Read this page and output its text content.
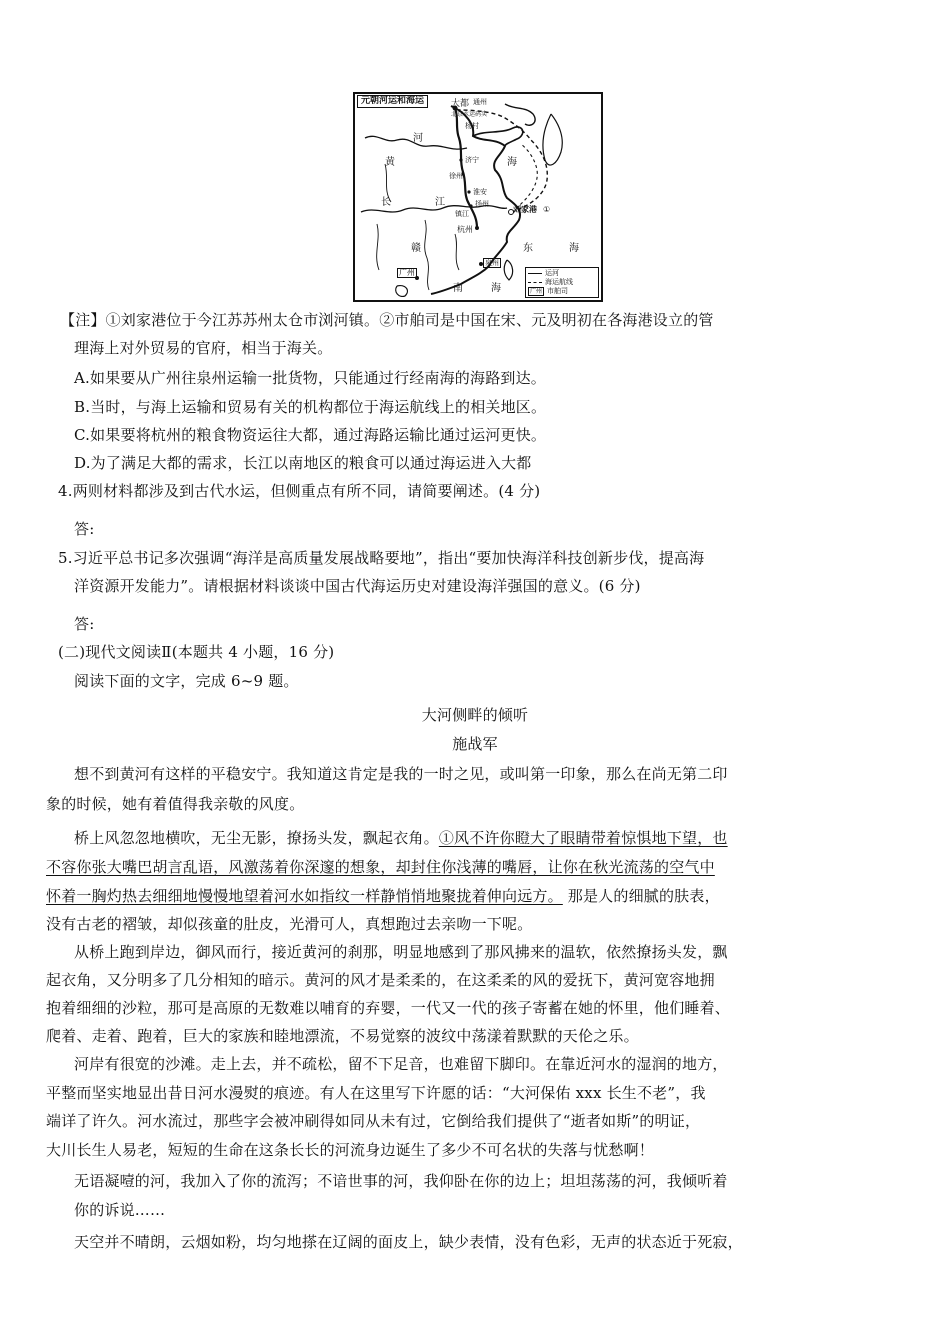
元朝河运和海运	大都 通州
北京水运码头
杨村
济宁
徐州
淮安
扬州
镇江	刘家港 ①
杭州
泉州
广州
河
黄
长	江
海
东	海
南	海
赣
运河
海运航线
广州 市舶司

【注】①刘家港位于今江苏苏州太仓市浏河镇。②市舶司是中国在宋、元及明初在各海港设立的管

理海上对外贸易的官府，相当于海关。

A.如果要从广州往泉州运输一批货物，只能通过行经南海的海路到达。

B.当时，与海上运输和贸易有关的机构都位于海运航线上的相关地区。

C.如果要将杭州的粮食物资运往大都，通过海路运输比通过运河更快。

D.为了满足大都的需求，长江以南地区的粮食可以通过海运进入大都

4.两则材料都涉及到古代水运，但侧重点有所不同，请简要阐述。(4 分)

答:

5.习近平总书记多次强调“海洋是高质量发展战略要地”，指出“要加快海洋科技创新步伐，提高海

洋资源开发能力”。请根据材料谈谈中国古代海运历史对建设海洋强国的意义。(6 分)

答:

(二)现代文阅读Ⅱ(本题共 4 小题，16 分)

阅读下面的文字，完成 6~9 题。

大河侧畔的倾听

施战军

想不到黄河有这样的平稳安宁。我知道这肯定是我的一时之见，或叫第一印象，那么在尚无第二印

象的时候，她有着值得我亲敬的风度。

桥上风忽忽地横吹，无尘无影，撩扬头发，飘起衣角。①风不许你瞪大了眼睛带着惊惧地下望，也

不容你张大嘴巴胡言乱语，风激荡着你深邃的想象，却封住你浅薄的嘴唇，让你在秋光流荡的空气中

怀着一胸灼热去细细地慢慢地望着河水如指纹一样静悄悄地聚拢着伸向远方。 那是人的细腻的肤表，

没有古老的褶皱，却似孩童的肚皮，光滑可人，真想跑过去亲吻一下呢。

从桥上跑到岸边，御风而行，接近黄河的刹那，明显地感到了那风拂来的温软，依然撩扬头发，飘

起衣角，又分明多了几分相知的暗示。黄河的风才是柔柔的，在这柔柔的风的爱抚下，黄河宽容地拥

抱着细细的沙粒，那可是高原的无数难以哺育的弃婴，一代又一代的孩子寄蓄在她的怀里，他们睡着、

爬着、走着、跑着，巨大的家族和睦地漂流，不易觉察的波纹中荡漾着默默的天伦之乐。

河岸有很宽的沙滩。走上去，并不疏松，留不下足音，也难留下脚印。在靠近河水的湿润的地方，

平整而坚实地显出昔日河水漫熨的痕迹。有人在这里写下许愿的话：“大河保佑 xxx 长生不老”，我

端详了许久。河水流过，那些字会被冲刷得如同从未有过，它倒给我们提供了“逝者如斯”的明证，

大川长生人易老，短短的生命在这条长长的河流身边诞生了多少不可名状的失落与忧愁啊！

无语凝噎的河，我加入了你的流泻；不谙世事的河，我仰卧在你的边上；坦坦荡荡的河，我倾听着

你的诉说……

天空并不晴朗，云烟如粉，均匀地搽在辽阔的面皮上，缺少表情，没有色彩，无声的状态近于死寂，
